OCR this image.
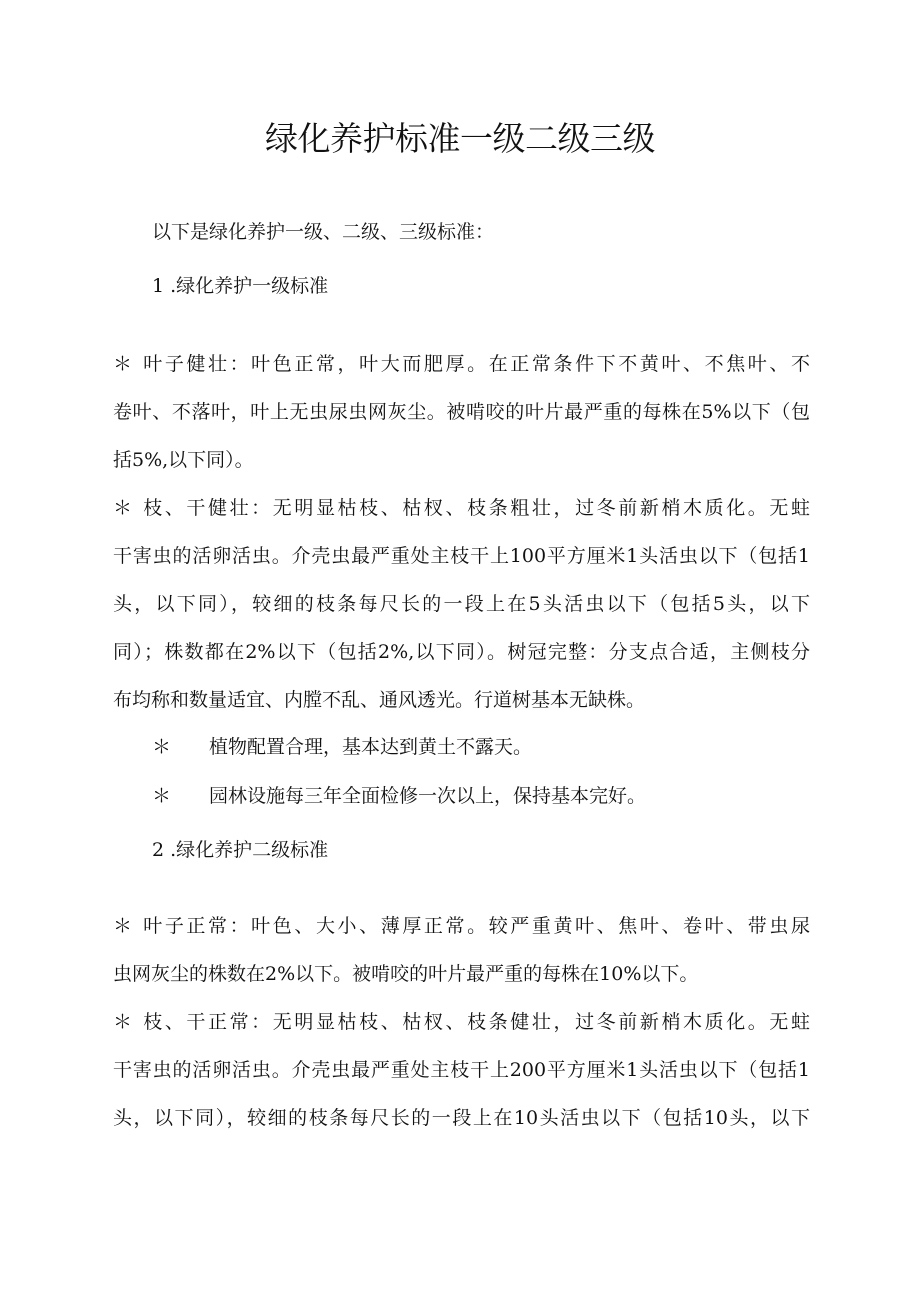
绿化养护标准一级二级三级

以下是绿化养护一级、二级、三级标准：

1 .绿化养护一级标准

＊ 叶子健壮：叶色正常，叶大而肥厚。在正常条件下不黄叶、不焦叶、不
卷叶、不落叶，叶上无虫尿虫网灰尘。被啃咬的叶片最严重的每株在5%以下（包
括5%,以下同）。
＊ 枝、干健壮：无明显枯枝、枯杈、枝条粗壮，过冬前新梢木质化。无蛀
干害虫的活卵活虫。介壳虫最严重处主枝干上100平方厘米1头活虫以下（包括1
头，以下同），较细的枝条每尺长的一段上在5头活虫以下（包括5头，以下
同）；株数都在2%以下（包括2%,以下同）。树冠完整：分支点合适，主侧枝分
布均称和数量适宜、内膛不乱、通风透光。行道树基本无缺株。

＊ 植物配置合理，基本达到黄土不露天。

＊ 园林设施每三年全面检修一次以上，保持基本完好。

2 .绿化养护二级标准

＊ 叶子正常：叶色、大小、薄厚正常。较严重黄叶、焦叶、卷叶、带虫尿
虫网灰尘的株数在2%以下。被啃咬的叶片最严重的每株在10%以下。
＊ 枝、干正常：无明显枯枝、枯杈、枝条健壮，过冬前新梢木质化。无蛀
干害虫的活卵活虫。介壳虫最严重处主枝干上200平方厘米1头活虫以下（包括1
头，以下同），较细的枝条每尺长的一段上在10头活虫以下（包括10头，以下
